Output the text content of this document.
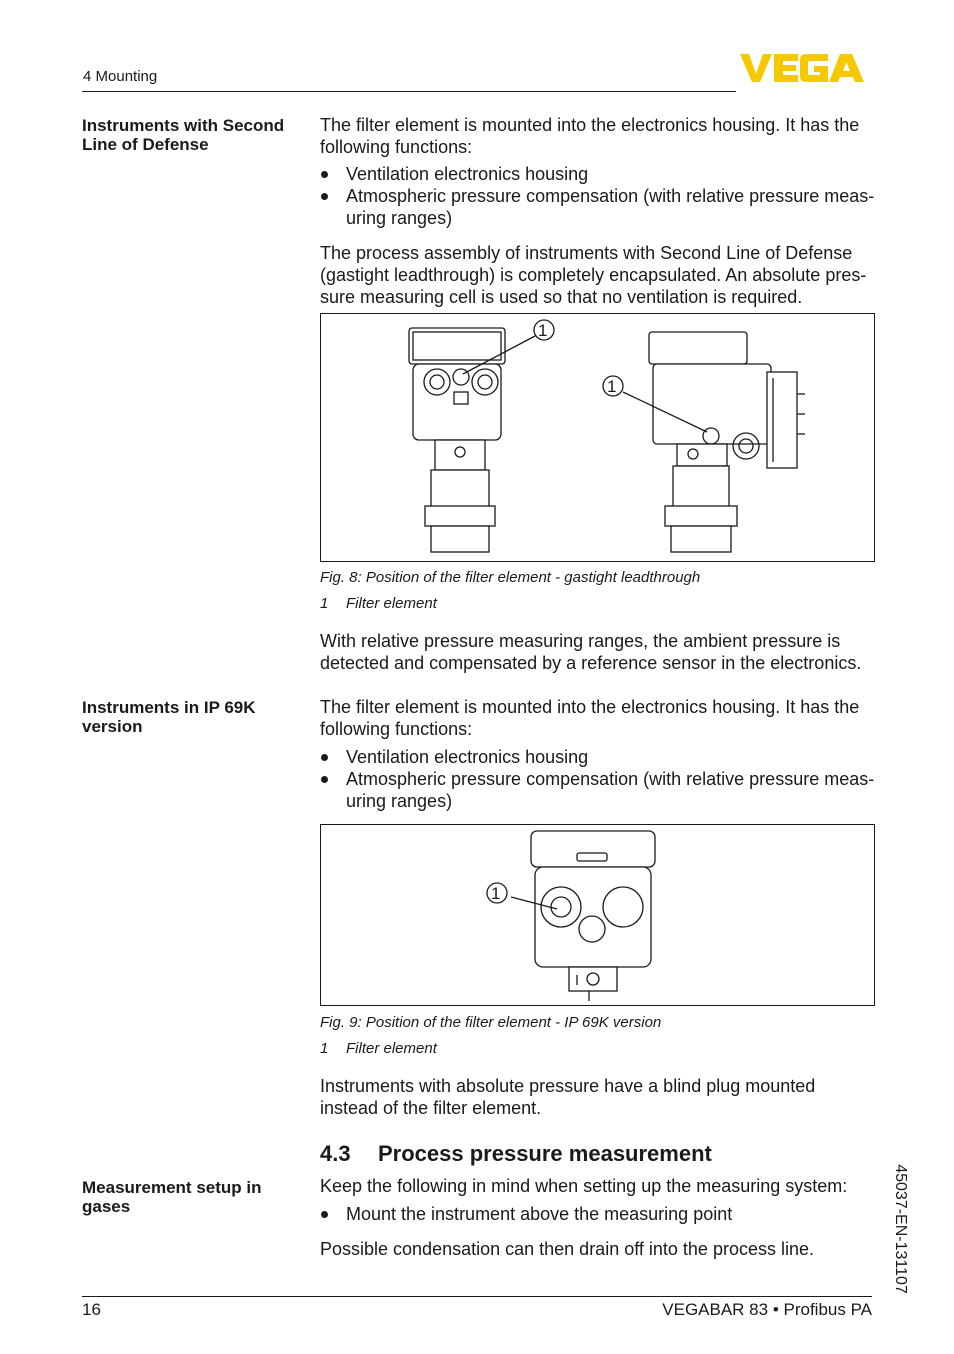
4 Mounting
Instruments with Second Line of Defense
The filter element is mounted into the electronics housing. It has the following functions:
Ventilation electronics housing
Atmospheric pressure compensation (with relative pressure meas-uring ranges)
The process assembly of instruments with Second Line of Defense (gastight leadthrough) is completely encapsulated. An absolute pres-sure measuring cell is used so that no ventilation is required.
1
1
Fig. 8: Position of the filter element - gastight leadthrough
1 Filter element
With relative pressure measuring ranges, the ambient pressure is detected and compensated by a reference sensor in the electronics.
Instruments in IP 69K version
The filter element is mounted into the electronics housing. It has the following functions:
Ventilation electronics housing
Atmospheric pressure compensation (with relative pressure meas-uring ranges)
1
Fig. 9: Position of the filter element - IP 69K version
1 Filter element
Instruments with absolute pressure have a blind plug mounted instead of the filter element.
4.3 Process pressure measurement
Measurement setup in gases
Keep the following in mind when setting up the measuring system:
Mount the instrument above the measuring point
Possible condensation can then drain off into the process line.	45037-EN-131107
16	VEGABAR 83 • Profibus PA
